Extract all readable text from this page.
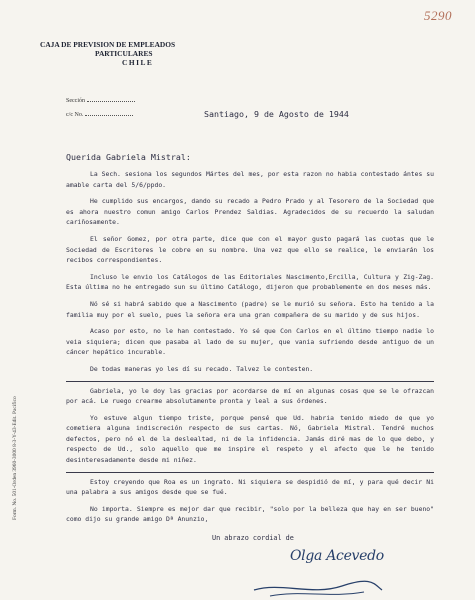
5290
CAJA DE PREVISION DE EMPLEADOS
PARTICULARES
CHILE
Sección
c/c No.
Form. No. 501-Orden 3960-3000 8-3-Y-43-Edit. Pacifico
Santiago, 9 de Agosto de 1944
Querida Gabriela Mistral:

La Sech. sesiona los segundos Mártes del mes, por esta razon no habia contestado ántes su amable carta del 5/6/ppdo.

He cumplido sus encargos, dando su recado a Pedro Prado y al Tesorero de la Sociedad que es ahora nuestro comun amigo Carlos Prendez Saldias. Agradecidos de su recuerdo la saludan cariñosamente.

El señor Gomez, por otra parte, dice que con el mayor gusto pagará las cuotas que le Sociedad de Escritores le cobre en su nombre. Una vez que ello se realice, le enviarán los recibos correspondientes.

Incluso le envio los Catálogos de las Editoriales Nascimento,Ercilla, Cultura y Zig-Zag. Esta última no he entregado sun su último Catálogo, dijeron que probablemente en dos meses más.

Nó sé si habrá sabido que a Nascimento (padre) se le murió su señora. Esto ha tenido a la familia muy por el suelo, pues la señora era una gran compañera de su marido y de sus hijos.

Acaso por esto, no le han contestado. Yo sé que Con Carlos en el último tiempo nadie lo veia siquiera; dicen que pasaba al lado de su mujer, que vania sufriendo desde antiguo de un cáncer hepático incurable.

De todas maneras yo les dí su recado. Talvez le contesten.

Gabriela, yo le doy las gracias por acordarse de mí en algunas cosas que se le ofrazcan por acá. Le ruego crearme absolutamente pronta y leal a sus órdenes.

Yo estuve algun tiempo triste, porque pensé que Ud. habria tenido miedo de que yo cometiera alguna indiscreción respecto de sus cartas. Nó, Gabriela Mistral. Tendré muchos defectos, pero nó el de la deslealtad, ni de la infidencia. Jamás diré mas de lo que debo, y respecto de Ud., solo aquello que me inspire el respeto y el afecto que le he tenido desinteresadamente desde mi niñez.

Estoy creyendo que Roa es un ingrato. Ni siquiera se despidió de mí, y para qué decir Ni una palabra a sus amigos desde que se fué.

No importa. Siempre es mejor dar que recibir, "solo por la belleza que hay en ser bueno" como dijo su grande amigo Dª Anunzio,

Un abrazo cordial de
Olga Acevedo
